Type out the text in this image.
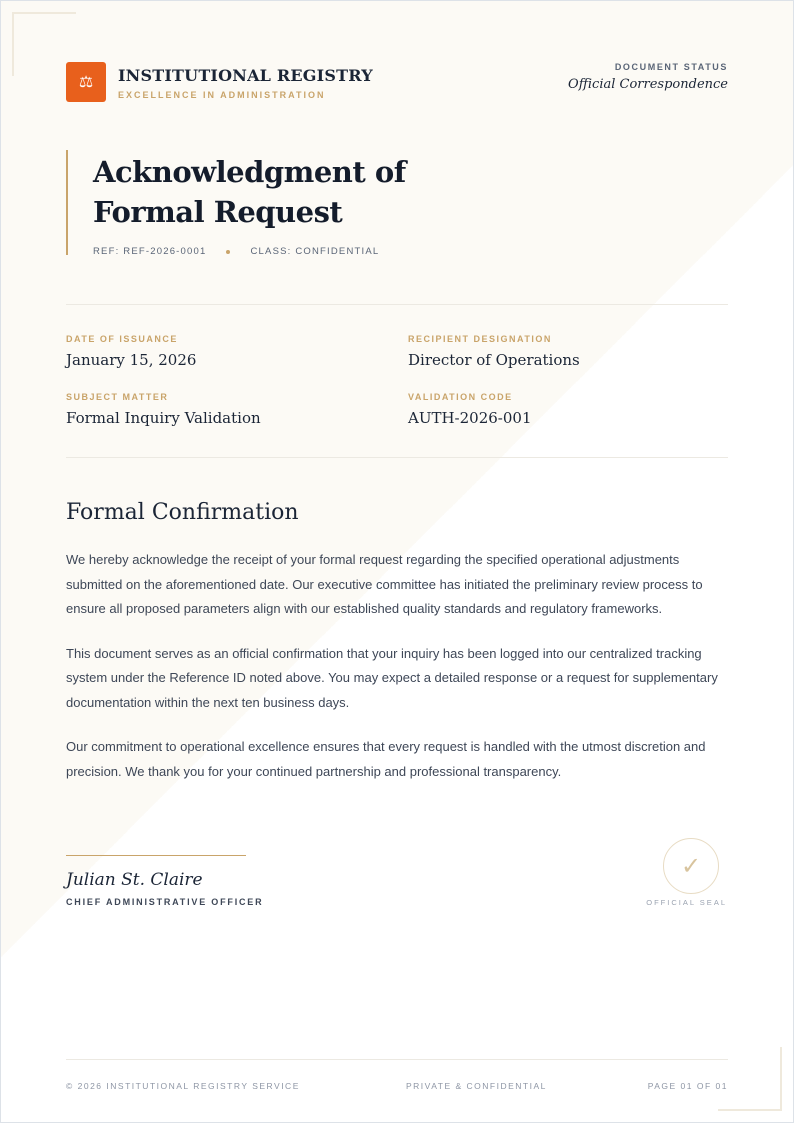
⚖	INSTITUTIONAL REGISTRY
EXCELLENCE IN ADMINISTRATION
DOCUMENT STATUS
Official Correspondence
Acknowledgment of
Formal Request
REF: REF-2026-0001	CLASS: CONFIDENTIAL
DATE OF ISSUANCE
January 15, 2026
RECIPIENT DESIGNATION
Director of Operations
SUBJECT MATTER
Formal Inquiry Validation
VALIDATION CODE
AUTH-2026-001
Formal Confirmation

We hereby acknowledge the receipt of your formal request regarding the specified operational adjustments submitted on the aforementioned date. Our executive committee has initiated the preliminary review process to ensure all proposed parameters align with our established quality standards and regulatory frameworks.

This document serves as an official confirmation that your inquiry has been logged into our centralized tracking system under the Reference ID noted above. You may expect a detailed response or a request for supplementary documentation within the next ten business days.

Our commitment to operational excellence ensures that every request is handled with the utmost discretion and precision. We thank you for your continued partnership and professional transparency.

Julian St. Claire
CHIEF ADMINISTRATIVE OFFICER
✓
OFFICIAL SEAL
© 2026 INSTITUTIONAL REGISTRY SERVICE	PRIVATE & CONFIDENTIAL	PAGE 01 OF 01
